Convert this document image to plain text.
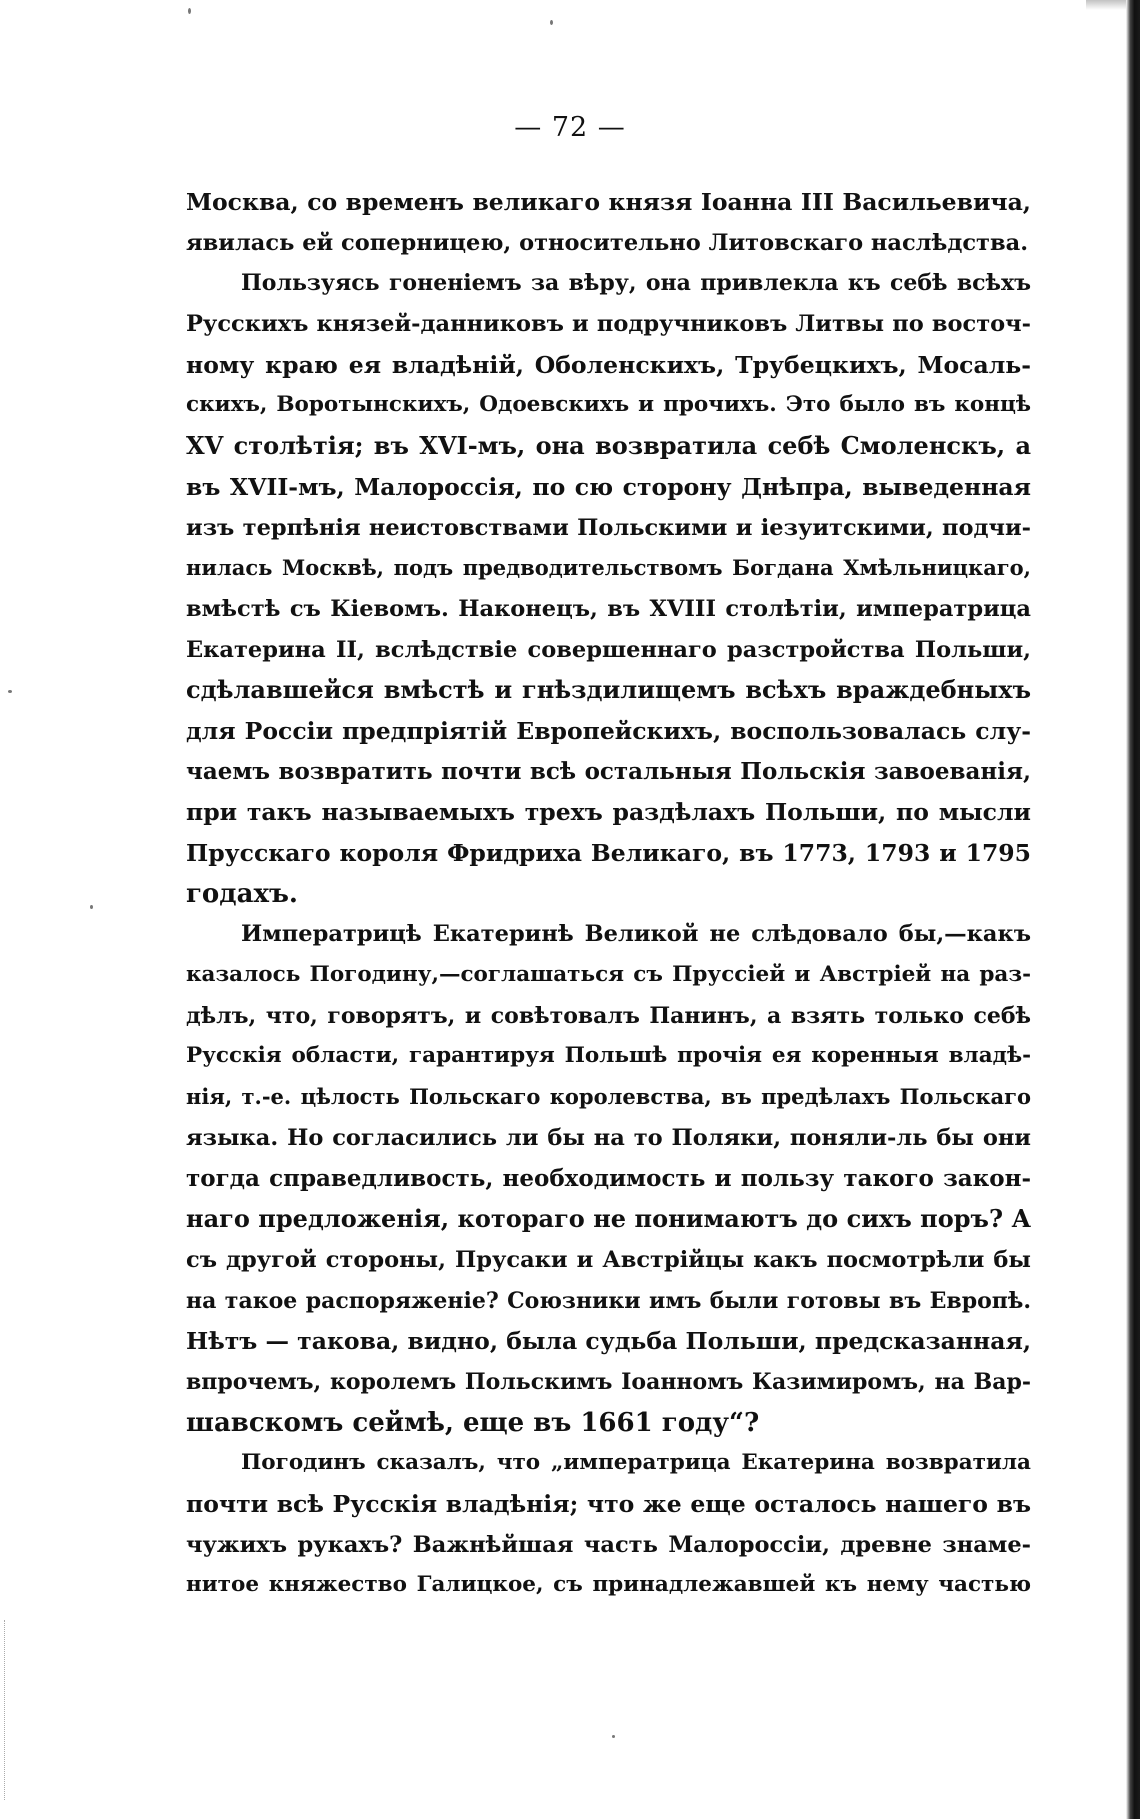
— 72 —
Москва, со временъ великаго князя Іоанна III Васильевича,
явилась ей соперницею, относительно Литовскаго наслѣдства.
Пользуясь гоненіемъ за вѣру, она привлекла къ себѣ всѣхъ
Русскихъ князей-данниковъ и подручниковъ Литвы по восточ-
ному краю ея владѣній, Оболенскихъ, Трубецкихъ, Мосаль-
скихъ, Воротынскихъ, Одоевскихъ и прочихъ. Это было въ концѣ
XV столѣтія; въ XVI-мъ, она возвратила себѣ Смоленскъ, а
въ XVII-мъ, Малороссія, по сю сторону Днѣпра, выведенная
изъ терпѣнія неистовствами Польскими и іезуитскими, подчи-
нилась Москвѣ, подъ предводительствомъ Богдана Хмѣльницкаго,
вмѣстѣ съ Кіевомъ. Наконецъ, въ XVIII столѣтіи, императрица
Екатерина II, вслѣдствіе совершеннаго разстройства Польши,
сдѣлавшейся вмѣстѣ и гнѣздилищемъ всѣхъ враждебныхъ
для Россіи предпріятій Европейскихъ, воспользовалась слу-
чаемъ возвратить почти всѣ остальныя Польскія завоеванія,
при такъ называемыхъ трехъ раздѣлахъ Польши, по мысли
Прусскаго короля Фридриха Великаго, въ 1773, 1793 и 1795
годахъ.
Императрицѣ Екатеринѣ Великой не слѣдовало бы,—какъ
казалось Погодину,—соглашаться съ Пруссіей и Австріей на раз-
дѣлъ, что, говорятъ, и совѣтовалъ Панинъ, а взять только себѣ
Русскія области, гарантируя Польшѣ прочія ея коренныя владѣ-
нія, т.-е. цѣлость Польскаго королевства, въ предѣлахъ Польскаго
языка. Но согласились ли бы на то Поляки, поняли-ль бы они
тогда справедливость, необходимость и пользу такого закон-
наго предложенія, котораго не понимаютъ до сихъ поръ? А
съ другой стороны, Прусаки и Австрійцы какъ посмотрѣли бы
на такое распоряженіе? Союзники имъ были готовы въ Европѣ.
Нѣтъ — такова, видно, была судьба Польши, предсказанная,
впрочемъ, королемъ Польскимъ Іоанномъ Казимиромъ, на Вар-
шавскомъ сеймѣ, еще въ 1661 году“?
Погодинъ сказалъ, что „императрица Екатерина возвратила
почти всѣ Русскія владѣнія; что же еще осталось нашего въ
чужихъ рукахъ? Важнѣйшая часть Малороссіи, древне знаме-
нитое княжество Галицкое, съ принадлежавшей къ нему частью
